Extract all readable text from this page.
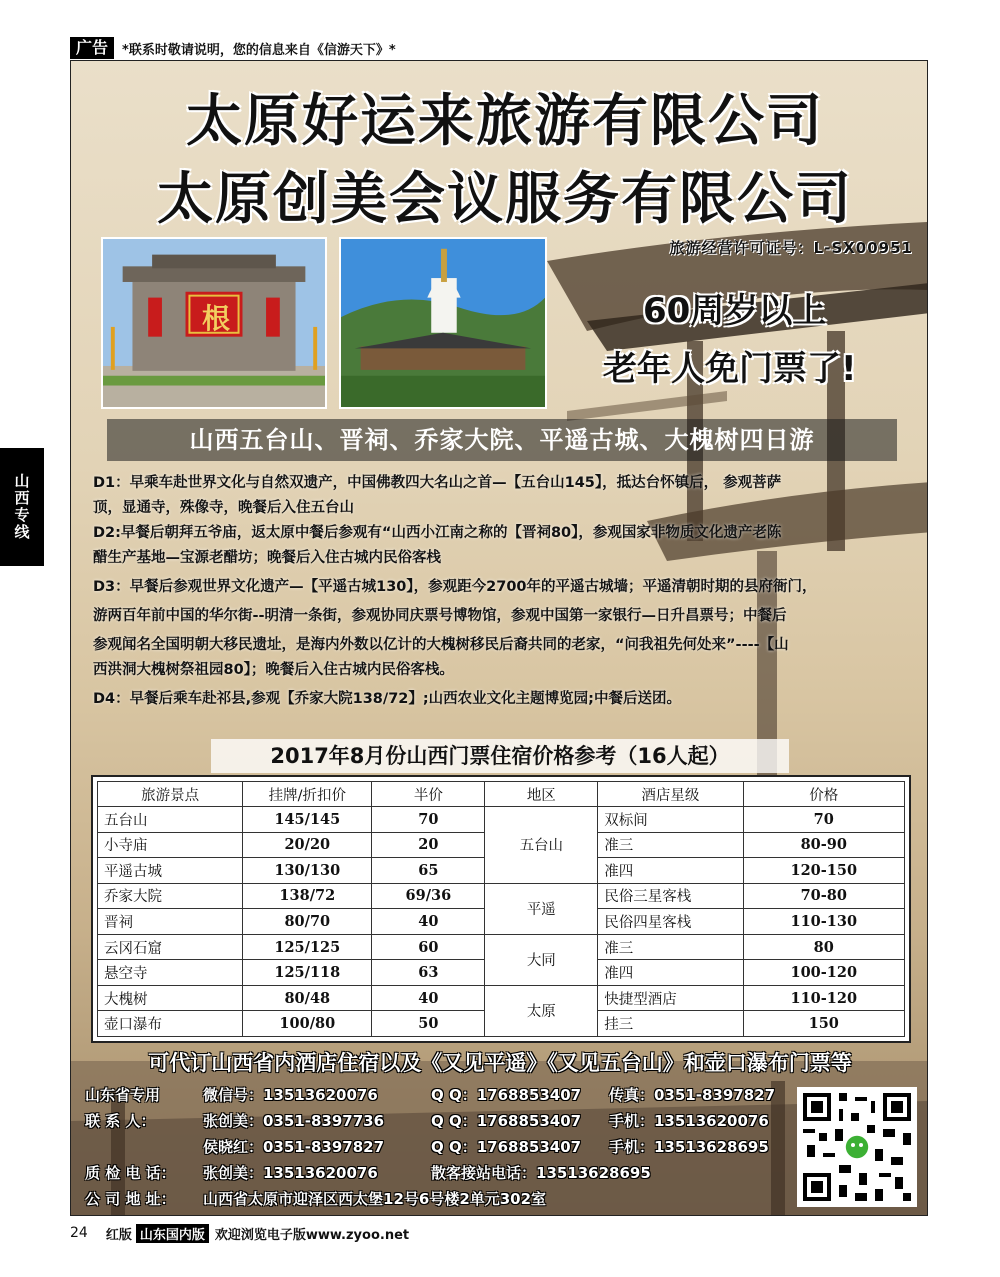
广告	*联系时敬请说明，您的信息来自《信游天下》*
山西专线
太原好运来旅游有限公司
太原创美会议服务有限公司
旅游经营许可证号：L-SX00951
根	60周岁以上
老年人免门票了!
山西五台山、晋祠、乔家大院、平遥古城、大槐树四日游

D1：早乘车赴世界文化与自然双遗产，中国佛教四大名山之首—【五台山145】，抵达台怀镇后， 参观菩萨

顶，显通寺，殊像寺，晚餐后入住五台山

D2:早餐后朝拜五爷庙，返太原中餐后参观有“山西小江南之称的【晋祠80】，参观国家非物质文化遗产老陈

醋生产基地—宝源老醋坊；晚餐后入住古城内民俗客栈

D3：早餐后参观世界文化遗产—【平遥古城130】，参观距今2700年的平遥古城墙；平遥清朝时期的县府衙门，

游两百年前中国的华尔街--明清一条街，参观协同庆票号博物馆，参观中国第一家银行—日升昌票号；中餐后

参观闻名全国明朝大移民遗址，是海内外数以亿计的大槐树移民后裔共同的老家，“问我祖先何处来”----【山

西洪洞大槐树祭祖园80】；晚餐后入住古城内民俗客栈。

D4：早餐后乘车赴祁县,参观【乔家大院138/72】;山西农业文化主题博览园;中餐后送团。

2017年8月份山西门票住宿价格参考（16人起）
旅游景点	挂牌/折扣价	半价	地区	酒店星级	价格
五台山	145/145	70	五台山	双标间	70
小寺庙	20/20	20		准三	80-90
平遥古城	130/130	65		准四	120-150
乔家大院	138/72	69/36	平遥	民俗三星客栈	70-80
晋祠	80/70	40		民俗四星客栈	110-130
云冈石窟	125/125	60	大同	准三	80
悬空寺	125/118	63		准四	100-120
大槐树	80/48	40	太原	快捷型酒店	110-120
壶口瀑布	100/80	50		挂三	150
可代订山西省内酒店住宿以及《又见平遥》《又见五台山》和壶口瀑布门票等
山东省专用	微信号：13513620076	Q Q：1768853407 传真：0351-8397827
联 系 人：	张创美：0351-8397736	Q Q：1768853407 手机：13513620076
侯晓红：0351-8397827	Q Q：1768853407 手机：13513628695
质 检 电 话： 张创美：13513620076	散客接站电话：13513628695
公 司 地 址： 山西省太原市迎泽区西太堡12号6号楼2单元302室
24 红版 山东国内版 欢迎浏览电子版www.zyoo.net
